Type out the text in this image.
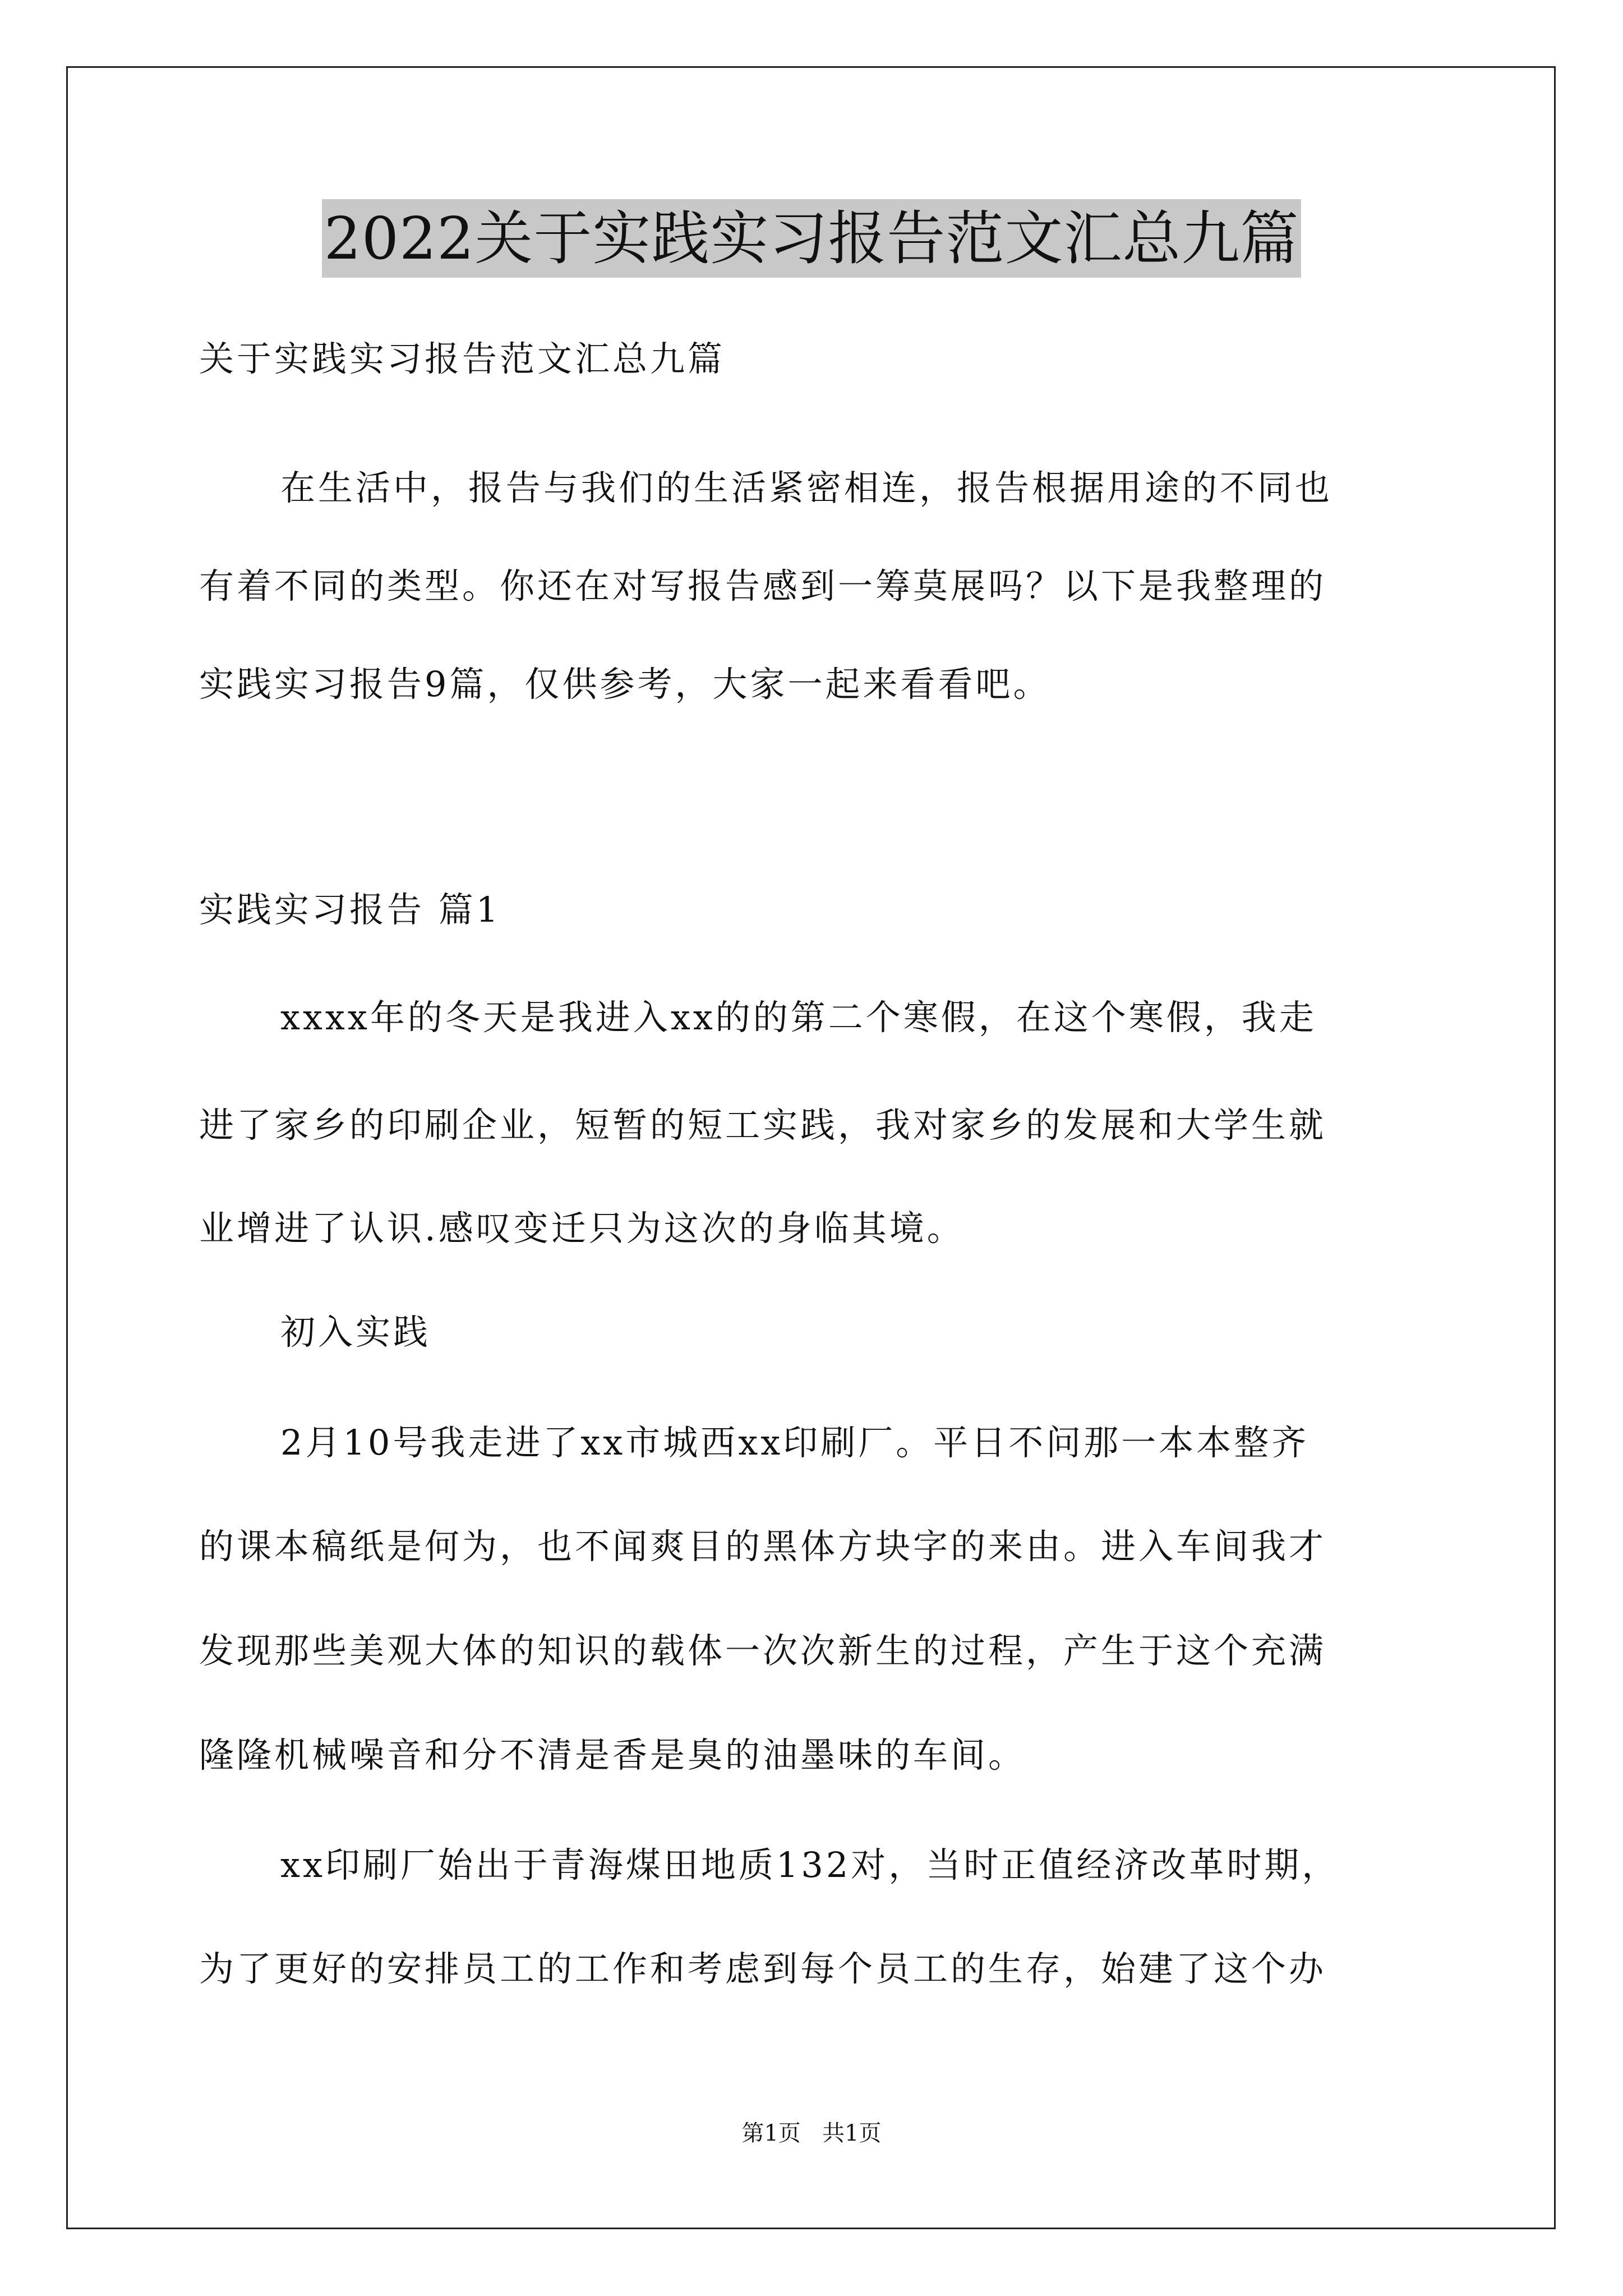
2022关于实践实习报告范文汇总九篇
关于实践实习报告范文汇总九篇
在生活中，报告与我们的生活紧密相连，报告根据用途的不同也
有着不同的类型。你还在对写报告感到一筹莫展吗？以下是我整理的
实践实习报告9篇，仅供参考，大家一起来看看吧。
实践实习报告 篇1
xxxx年的冬天是我进入xx的的第二个寒假，在这个寒假，我走
进了家乡的印刷企业，短暂的短工实践，我对家乡的发展和大学生就
业增进了认识.感叹变迁只为这次的身临其境。
初入实践
2月10号我走进了xx市城西xx印刷厂。平日不问那一本本整齐
的课本稿纸是何为，也不闻爽目的黑体方块字的来由。进入车间我才
发现那些美观大体的知识的载体一次次新生的过程，产生于这个充满
隆隆机械噪音和分不清是香是臭的油墨味的车间。
xx印刷厂始出于青海煤田地质132对，当时正值经济改革时期，
为了更好的安排员工的工作和考虑到每个员工的生存，始建了这个办
第1页   共1页
